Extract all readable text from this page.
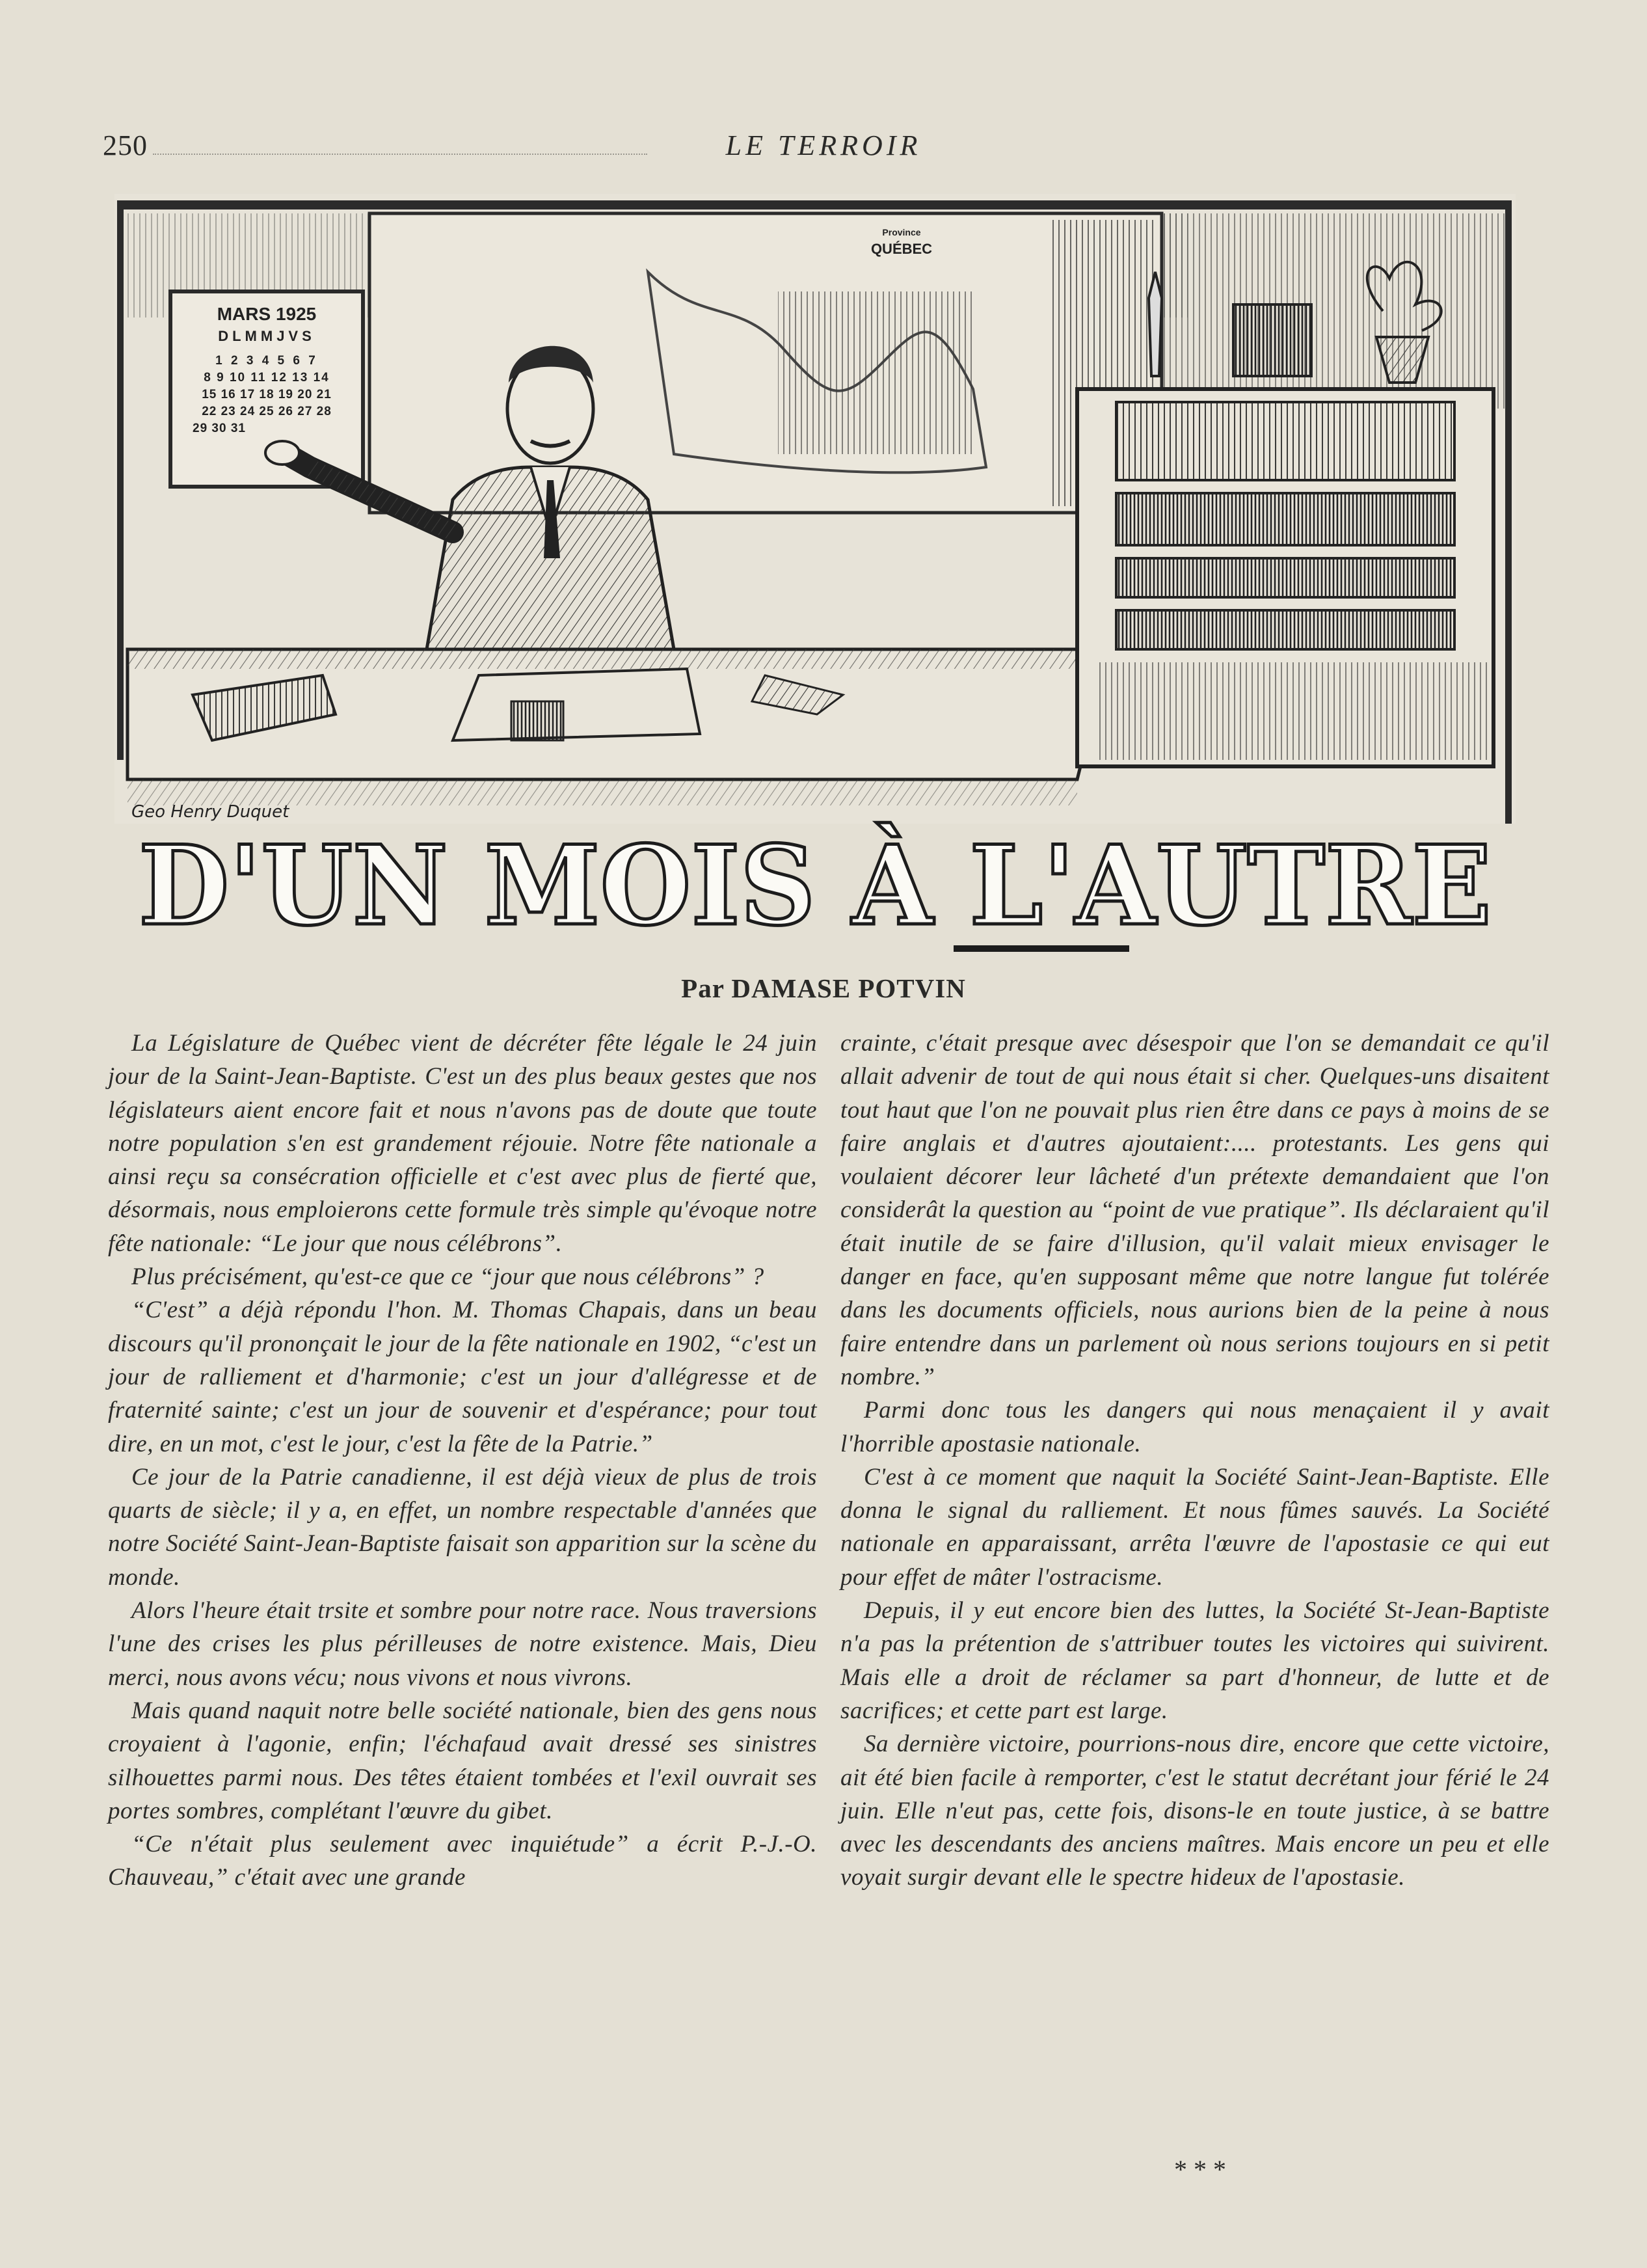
250	LE TERROIR
MARS 1925
DLMMJVS
1 2 3 4 5 6 7
8 9 10 11 12 13 14
15 16 17 18 19 20 21
22 23 24 25 26 27 28
29 30 31
Province
QUÉBEC
Geo Henry Duquet
D'UN MOIS À L'AUTRE
Par DAMASE POTVIN

La Législature de Québec vient de décréter fête légale le 24 juin jour de la Saint-Jean-Baptiste. C'est un des plus beaux gestes que nos législateurs aient encore fait et nous n'avons pas de doute que toute notre population s'en est grandement réjouie. Notre fête nationale a ainsi reçu sa consécration officielle et c'est avec plus de fierté que, désormais, nous emploierons cette formule très simple qu'évoque notre fête nationale: “Le jour que nous célébrons”.

Plus précisément, qu'est-ce que ce “jour que nous célébrons” ?

“C'est” a déjà répondu l'hon. M. Thomas Chapais, dans un beau discours qu'il prononçait le jour de la fête nationale en 1902, “c'est un jour de ralliement et d'harmonie; c'est un jour d'allégresse et de fraternité sainte; c'est un jour de souvenir et d'espérance; pour tout dire, en un mot, c'est le jour, c'est la fête de la Patrie.”

Ce jour de la Patrie canadienne, il est déjà vieux de plus de trois quarts de siècle; il y a, en effet, un nombre respectable d'années que notre Société Saint-Jean-Baptiste faisait son apparition sur la scène du monde.

Alors l'heure était trsite et sombre pour notre race. Nous traversions l'une des crises les plus périlleuses de notre existence. Mais, Dieu merci, nous avons vécu; nous vivons et nous vivrons.

Mais quand naquit notre belle société nationale, bien des gens nous croyaient à l'agonie, enfin; l'échafaud avait dressé ses sinistres silhouettes parmi nous. Des têtes étaient tombées et l'exil ouvrait ses portes sombres, complétant l'œuvre du gibet.

“Ce n'était plus seulement avec inquiétude” a écrit P.-J.-O. Chauveau,” c'était avec une grande

crainte, c'était presque avec désespoir que l'on se demandait ce qu'il allait advenir de tout de qui nous était si cher. Quelques-uns disaitent tout haut que l'on ne pouvait plus rien être dans ce pays à moins de se faire anglais et d'autres ajoutaient:.... protestants. Les gens qui voulaient décorer leur lâcheté d'un prétexte demandaient que l'on considerât la question au “point de vue pratique”. Ils déclaraient qu'il était inutile de se faire d'illusion, qu'il valait mieux envisager le danger en face, qu'en supposant même que notre langue fut tolérée dans les documents officiels, nous aurions bien de la peine à nous faire entendre dans un parlement où nous serions toujours en si petit nombre.”

Parmi donc tous les dangers qui nous menaçaient il y avait l'horrible apostasie nationale.

C'est à ce moment que naquit la Société Saint-Jean-Baptiste. Elle donna le signal du ralliement. Et nous fûmes sauvés. La Société nationale en apparaissant, arrêta l'œuvre de l'apostasie ce qui eut pour effet de mâter l'ostracisme.

Depuis, il y eut encore bien des luttes, la Société St-Jean-Baptiste n'a pas la prétention de s'attribuer toutes les victoires qui suivirent. Mais elle a droit de réclamer sa part d'honneur, de lutte et de sacrifices; et cette part est large.

Sa dernière victoire, pourrions-nous dire, encore que cette victoire, ait été bien facile à remporter, c'est le statut decrétant jour férié le 24 juin. Elle n'eut pas, cette fois, disons-le en toute justice, à se battre avec les descendants des anciens maîtres. Mais encore un peu et elle voyait surgir devant elle le spectre hideux de l'apostasie.

* * *
